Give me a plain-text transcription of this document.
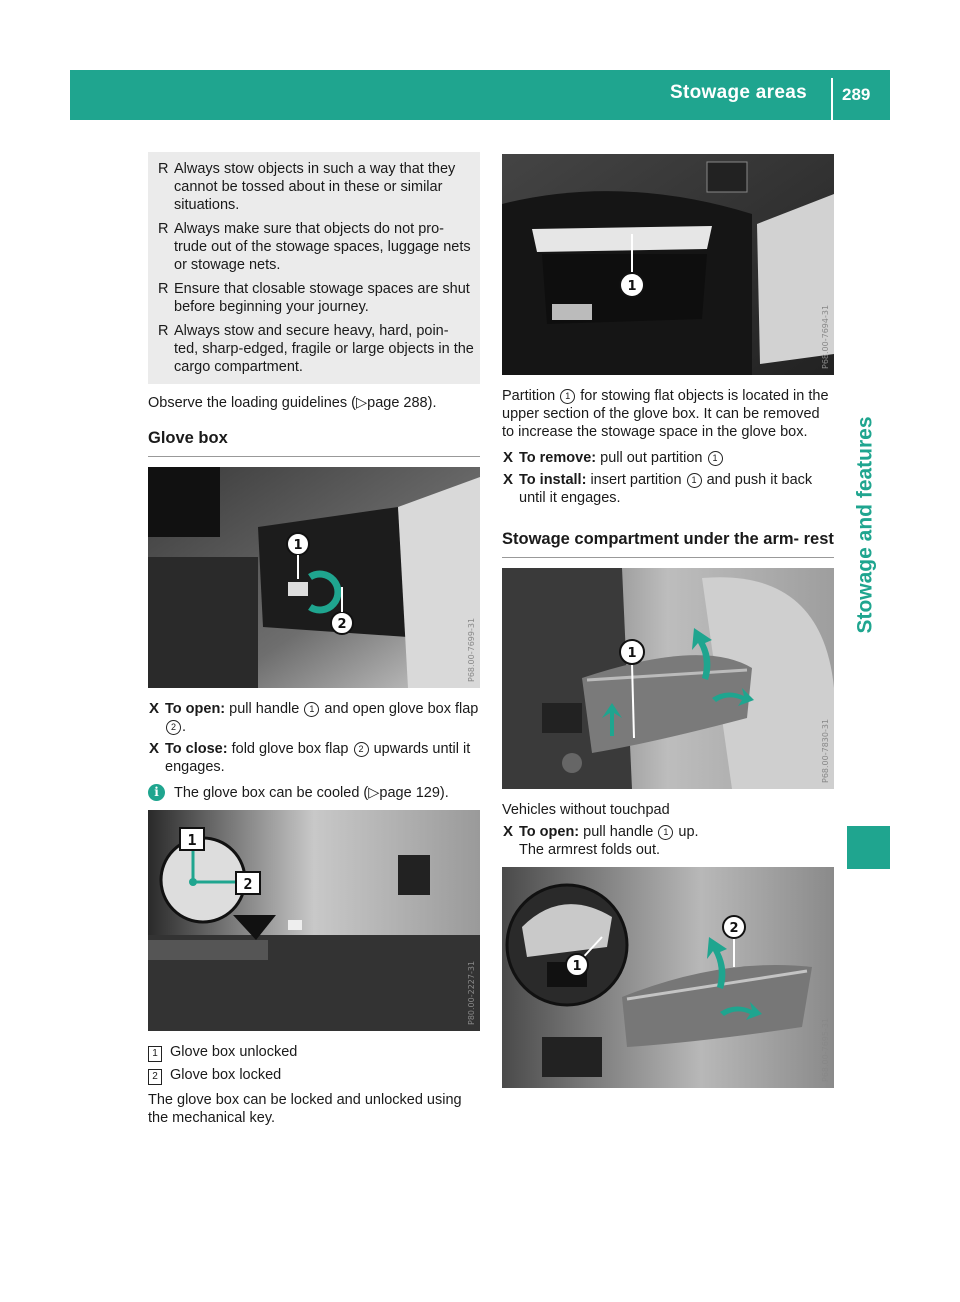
Stowage areas 289
Stowage and features
R Always stow objects in such a way that they cannot be tossed about in these or similar situations.
R Always make sure that objects do not pro- trude out of the stowage spaces, luggage nets or stowage nets.
R Ensure that closable stowage spaces are shut before beginning your journey.
R Always stow and secure heavy, hard, poin- ted, sharp-edged, fragile or large objects in the cargo compartment.

Observe the loading guidelines (▷page 288).

Glove box
1
2	P68.00-7699-31
X To open: pull handle 1 and open glove box flap 2 .
X To close: fold glove box flap 2 upwards until it engages.
i	The glove box can be cooled (▷page 129).
1
2
P80.00-2227-31
1 Glove box unlocked
2 Glove box locked

The glove box can be locked and unlocked using the mechanical key.

1
P68.00-7694-31

Partition 1 for stowing flat objects is located in the upper section of the glove box. It can be removed to increase the stowage space in the glove box.

X To remove: pull out partition 1
X To install: insert partition 1 and push it back until it engages.
Stowage compartment under the arm- rest
1
P68.00-7830-31

Vehicles without touchpad

X To open: pull handle 1 up.
The armrest folds out.
1
2
P68.00-7695-31
